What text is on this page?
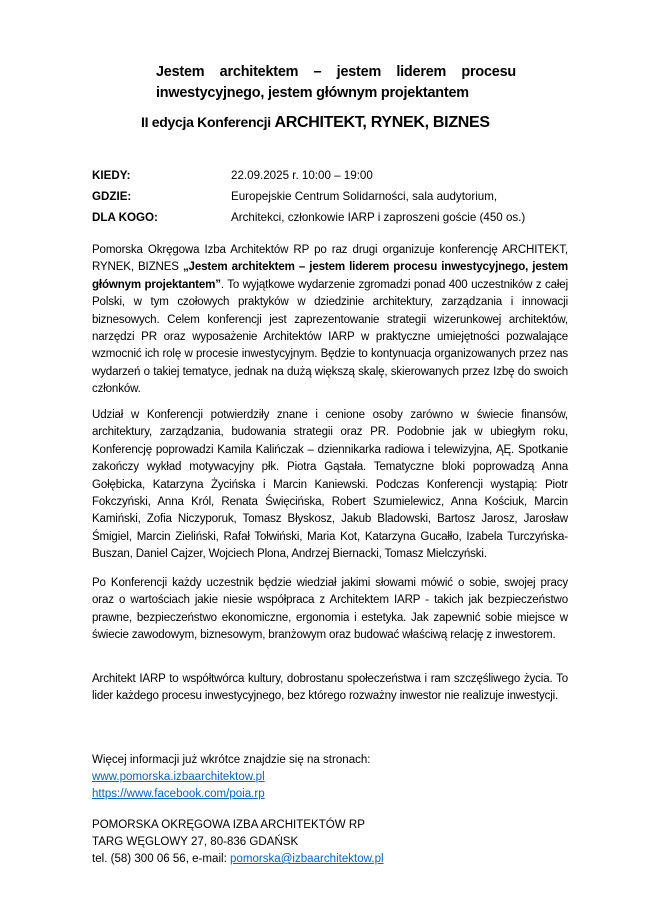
Jestem architektem – jestem liderem procesu
inwestycyjnego, jestem głównym projektantem
II edycja Konferencji ARCHITEKT, RYNEK, BIZNES
KIEDY:	22.09.2025 r. 10:00 – 19:00
GDZIE:	Europejskie Centrum Solidarności, sala audytorium,
DLA KOGO:	Architekci, członkowie IARP i zaproszeni goście (450 os.)
Pomorska Okręgowa Izba Architektów RP po raz drugi organizuje konferencję ARCHITEKT, RYNEK, BIZNES „Jestem architektem – jestem liderem procesu inwestycyjnego, jestem głównym projektantem”. To wyjątkowe wydarzenie zgromadzi ponad 400 uczestników z całej Polski, w tym czołowych praktyków w dziedzinie architektury, zarządzania i innowacji biznesowych. Celem konferencji jest zaprezentowanie strategii wizerunkowej architektów, narzędzi PR oraz wyposażenie Architektów IARP w praktyczne umiejętności pozwalające wzmocnić ich rolę w procesie inwestycyjnym. Będzie to kontynuacja organizowanych przez nas wydarzeń o takiej tematyce, jednak na dużą większą skalę, skierowanych przez Izbę do swoich członków.
Udział w Konferencji potwierdziły znane i cenione osoby zarówno w świecie finansów, architektury, zarządzania, budowania strategii oraz PR. Podobnie jak w ubiegłym roku, Konferencję poprowadzi Kamila Kalińczak – dziennikarka radiowa i telewizyjna, ĄĘ. Spotkanie zakończy wykład motywacyjny płk. Piotra Gąstała. Tematyczne bloki poprowadzą Anna Gołębicka, Katarzyna Życińska i Marcin Kaniewski. Podczas Konferencji wystąpią: Piotr Fokczyński, Anna Król, Renata Święcińska, Robert Szumielewicz, Anna Kościuk, Marcin Kamiński, Zofia Niczyporuk, Tomasz Błyskosz, Jakub Bladowski, Bartosz Jarosz, Jarosław Śmigiel, Marcin Zieliński, Rafał Tołwiński, Maria Kot, Katarzyna Gucałło, Izabela Turczyńska-Buszan, Daniel Cajzer, Wojciech Plona, Andrzej Biernacki, Tomasz Mielczyński.
Po Konferencji każdy uczestnik będzie wiedział jakimi słowami mówić o sobie, swojej pracy oraz o wartościach jakie niesie współpraca z Architektem IARP - takich jak bezpieczeństwo prawne, bezpieczeństwo ekonomiczne, ergonomia i estetyka. Jak zapewnić sobie miejsce w świecie zawodowym, biznesowym, branżowym oraz budować właściwą relację z inwestorem.
Architekt IARP to współtwórca kultury, dobrostanu społeczeństwa i ram szczęśliwego życia. To lider każdego procesu inwestycyjnego, bez którego rozważny inwestor nie realizuje inwestycji.
Więcej informacji już wkrótce znajdzie się na stronach:
www.pomorska.izbaarchitektow.pl
https://www.facebook.com/poia.rp
POMORSKA OKRĘGOWA IZBA ARCHITEKTÓW RP
TARG WĘGLOWY 27, 80-836 GDAŃSK
tel. (58) 300 06 56, e-mail: pomorska@izbaarchitektow.pl
